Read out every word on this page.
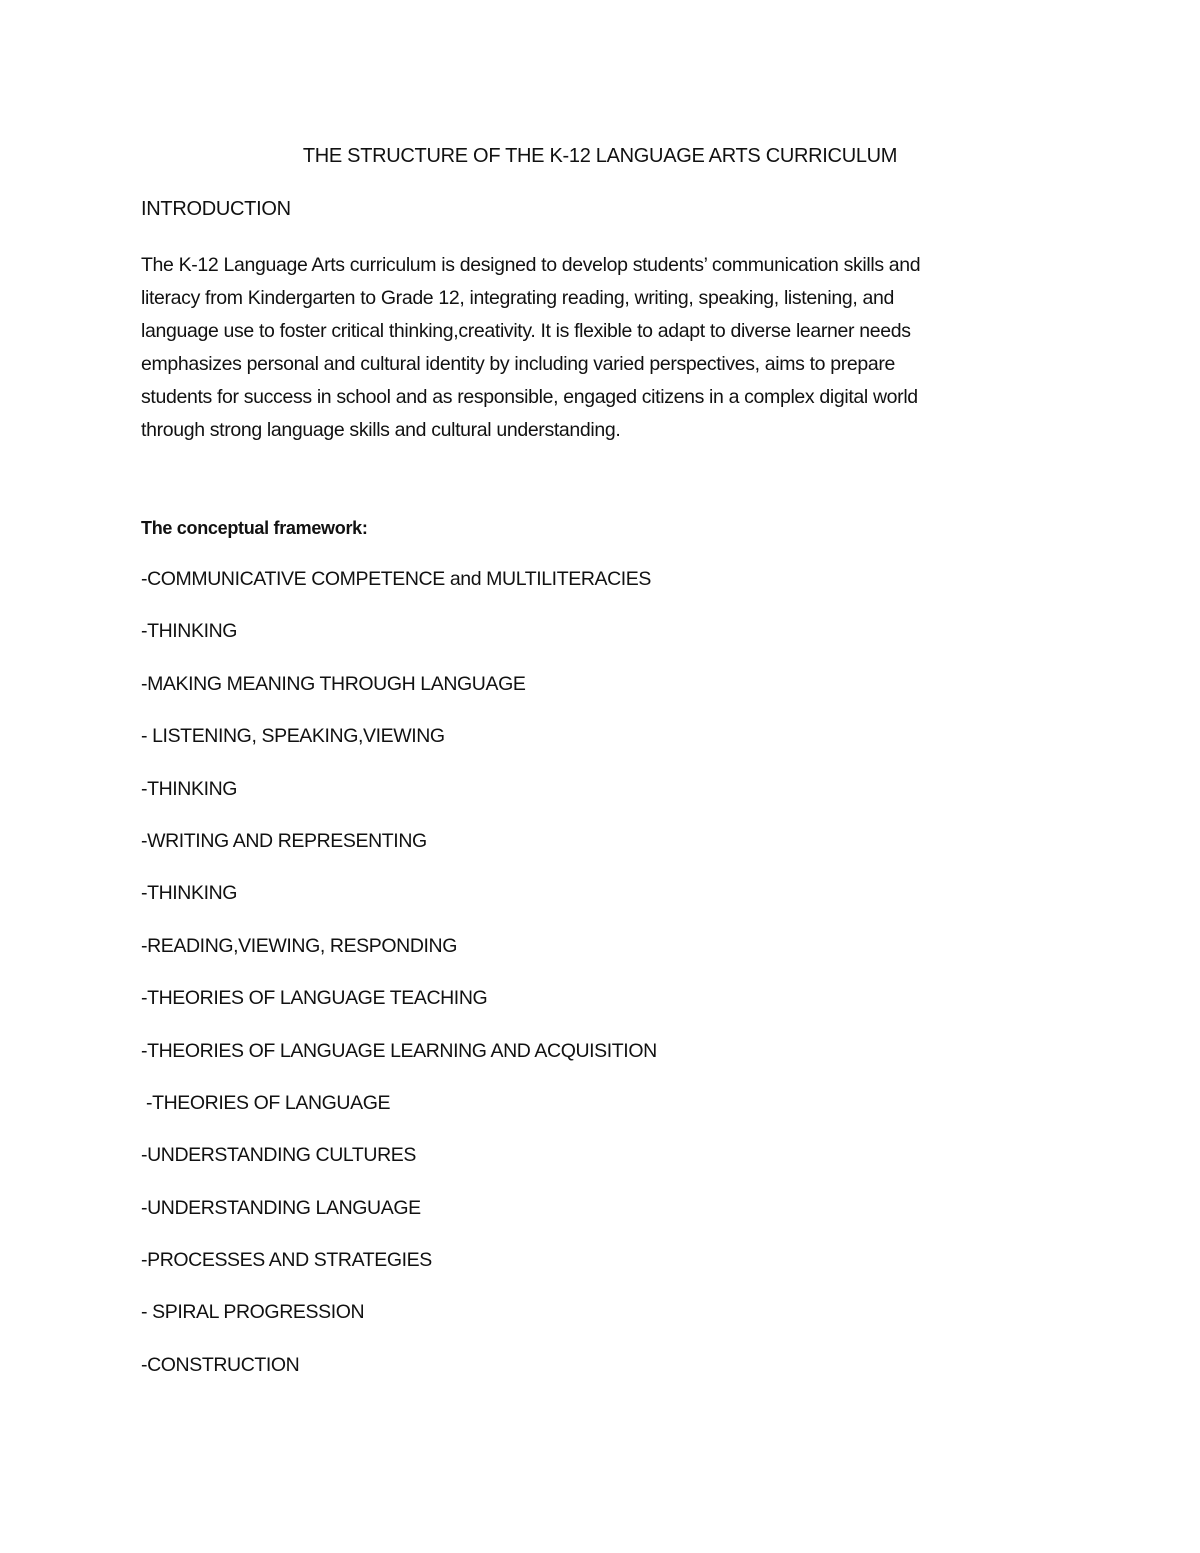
THE STRUCTURE OF THE K-12 LANGUAGE ARTS CURRICULUM
INTRODUCTION
The K-12 Language Arts curriculum is designed to develop students’ communication skills and
literacy from Kindergarten to Grade 12, integrating reading, writing, speaking, listening, and
language use to foster critical thinking,creativity. It is flexible to adapt to diverse learner needs
emphasizes personal and cultural identity by including varied perspectives, aims to prepare
students for success in school and as responsible, engaged citizens in a complex digital world
through strong language skills and cultural understanding.
The conceptual framework:
-COMMUNICATIVE COMPETENCE and MULTILITERACIES
-THINKING
-MAKING MEANING THROUGH LANGUAGE
- LISTENING, SPEAKING,VIEWING
-THINKING
-WRITING AND REPRESENTING
-THINKING
-READING,VIEWING, RESPONDING
-THEORIES OF LANGUAGE TEACHING
-THEORIES OF LANGUAGE LEARNING AND ACQUISITION
-THEORIES OF LANGUAGE
-UNDERSTANDING CULTURES
-UNDERSTANDING LANGUAGE
-PROCESSES AND STRATEGIES
- SPIRAL PROGRESSION
-CONSTRUCTION
